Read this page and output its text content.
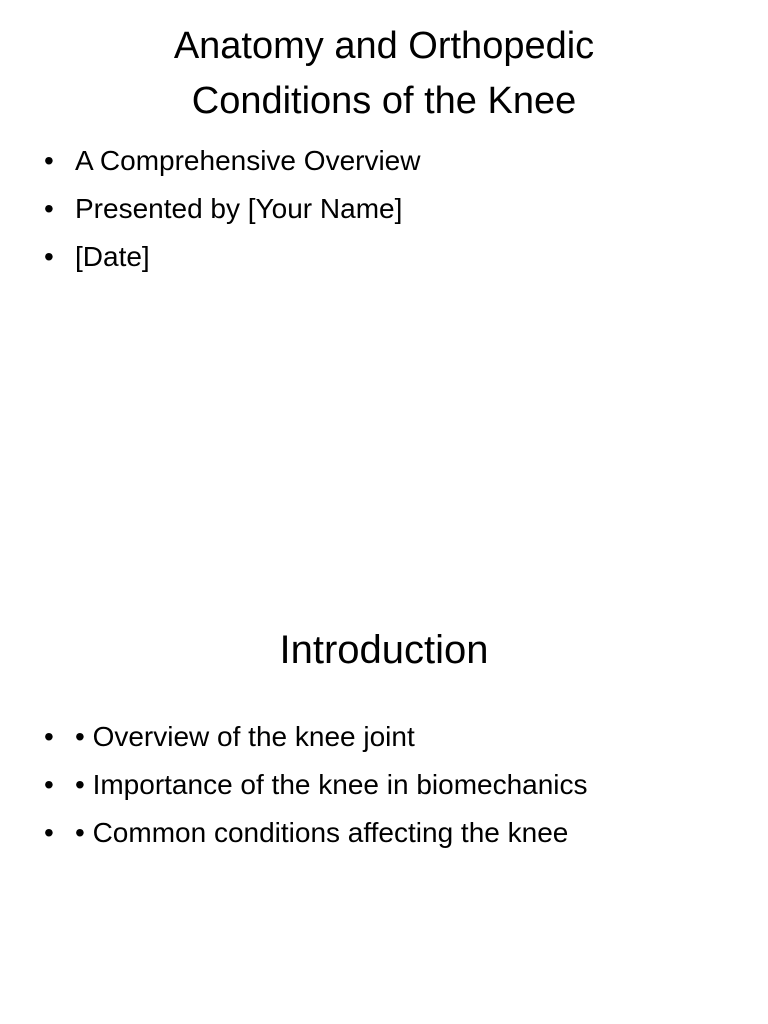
Anatomy and Orthopedic
Conditions of the Knee
• A Comprehensive Overview
• Presented by [Your Name]
• [Date]
Introduction
• • Overview of the knee joint
• • Importance of the knee in biomechanics
• • Common conditions affecting the knee
